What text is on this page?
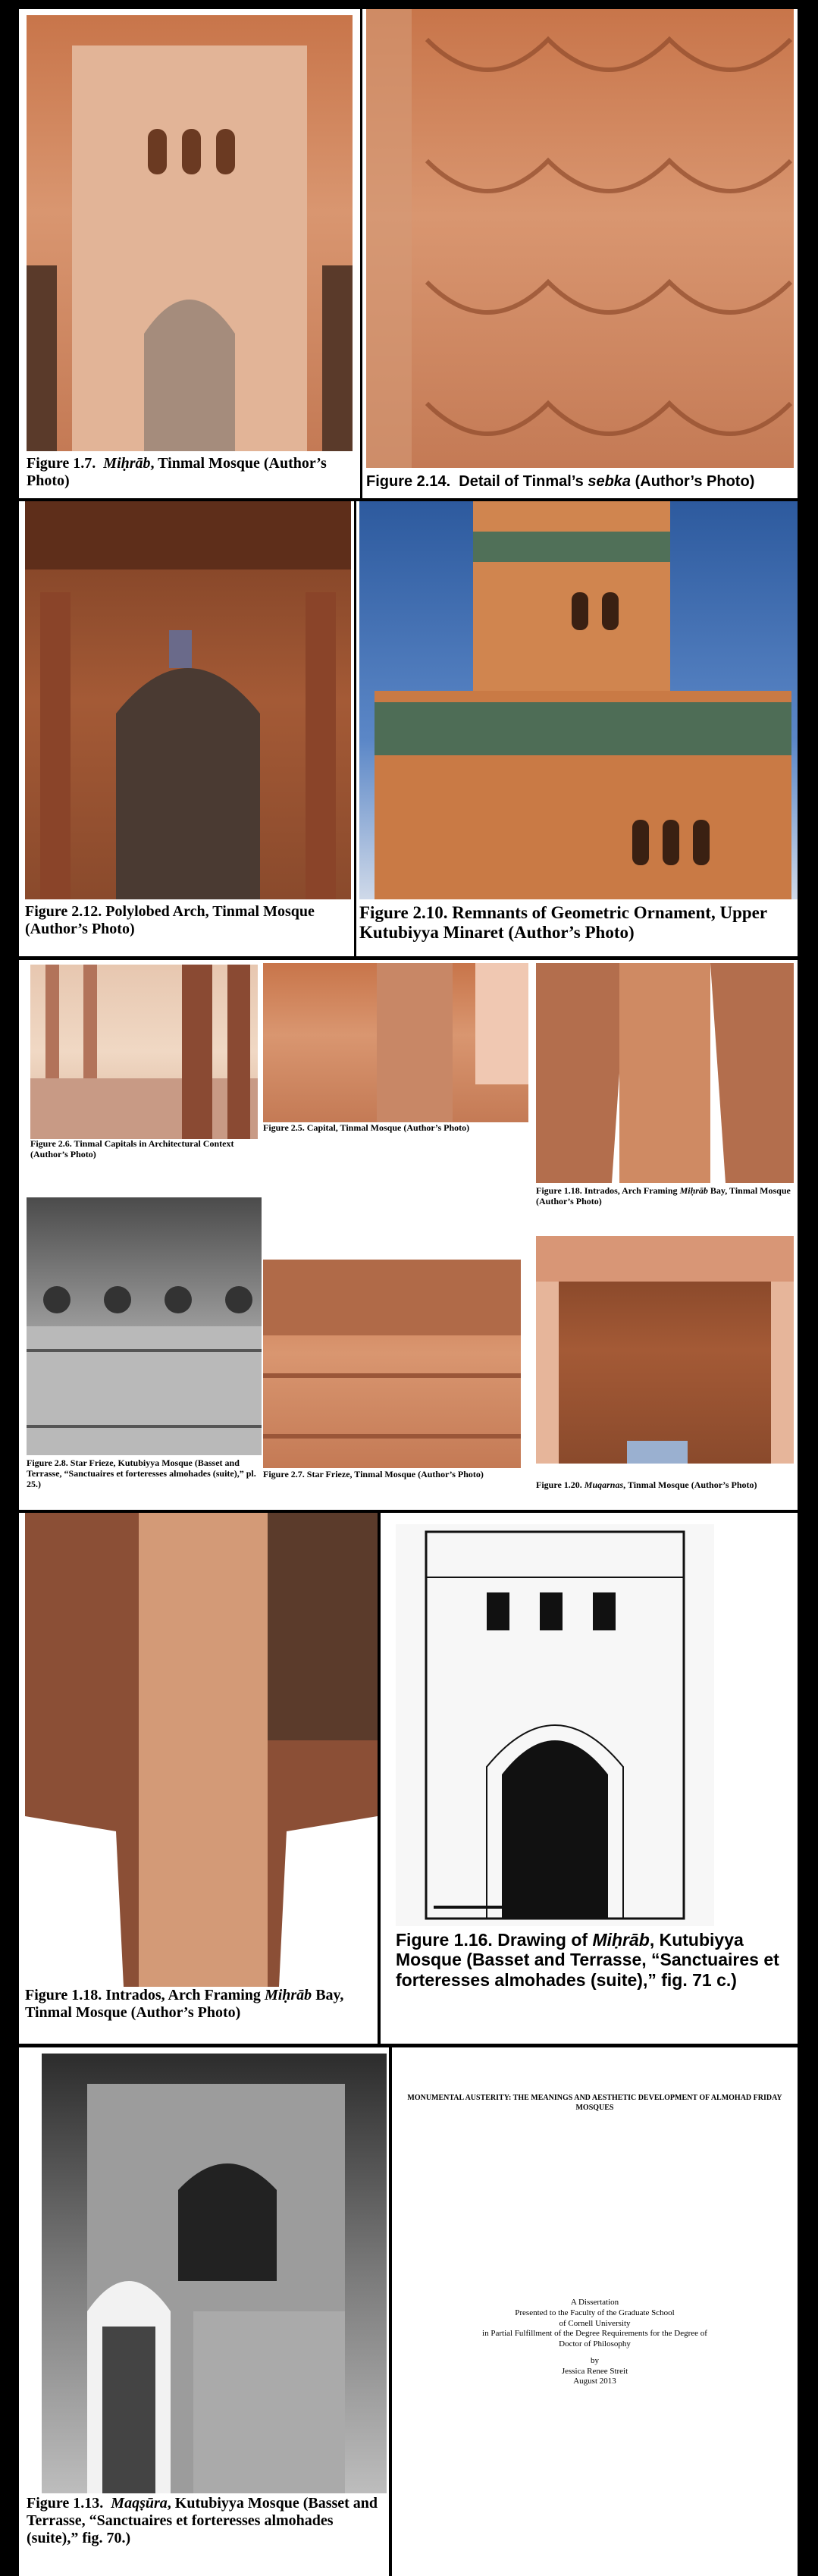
Figure 1.7. Miḥrāb, Tinmal Mosque (Author’s Photo)	Figure 2.14. Detail of Tinmal’s sebka (Author’s Photo)
Figure 2.12. Polylobed Arch, Tinmal Mosque (Author’s Photo)
Figure 2.10. Remnants of Geometric Ornament, Upper Kutubiyya Minaret (Author’s Photo)
Figure 2.6. Tinmal Capitals in Architectural Context (Author’s Photo)
Figure 2.5. Capital, Tinmal Mosque (Author’s Photo)
Figure 1.18. Intrados, Arch Framing Miḥrāb Bay, Tinmal Mosque (Author’s Photo)
Figure 2.8. Star Frieze, Kutubiyya Mosque (Basset and Terrasse, “Sanctuaires et forteresses almohades (suite),” pl. 25.)
Figure 2.7. Star Frieze, Tinmal Mosque (Author’s Photo)
Figure 1.20. Muqarnas, Tinmal Mosque (Author’s Photo)
Figure 1.18. Intrados, Arch Framing Miḥrāb Bay, Tinmal Mosque (Author’s Photo)
Figure 1.16. Drawing of Miḥrāb, Kutubiyya Mosque (Basset and Terrasse, “Sanctuaires et forteresses almohades (suite),” fig. 71 c.)
Figure 1.13. Maqṣūra, Kutubiyya Mosque (Basset and Terrasse, “Sanctuaires et forteresses almohades (suite),” fig. 70.)
MONUMENTAL AUSTERITY: THE MEANINGS AND AESTHETIC DEVELOPMENT OF ALMOHAD FRIDAY MOSQUES
A Dissertation
Presented to the Faculty of the Graduate School
of Cornell University
in Partial Fulfillment of the Degree Requirements for the Degree of
Doctor of Philosophy
by
Jessica Renee Streit
August 2013
